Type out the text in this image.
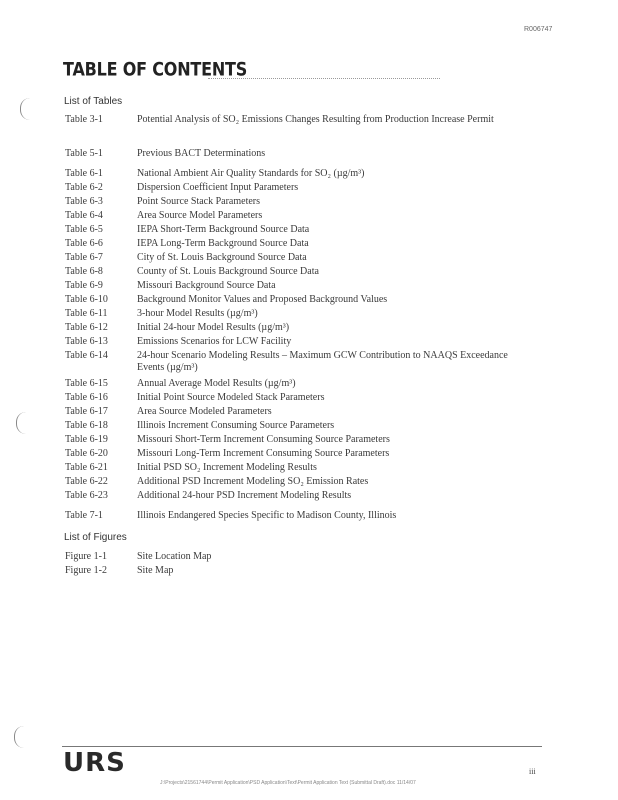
R006747
TABLE OF CONTENTS
List of Tables
Table 3-1	Potential Analysis of SO₂ Emissions Changes Resulting from Production Increase Permit
Table 5-1	Previous BACT Determinations
Table 6-1	National Ambient Air Quality Standards for SO₂ (µg/m³)
Table 6-2	Dispersion Coefficient Input Parameters
Table 6-3	Point Source Stack Parameters
Table 6-4	Area Source Model Parameters
Table 6-5	IEPA Short-Term Background Source Data
Table 6-6	IEPA Long-Term Background Source Data
Table 6-7	City of St. Louis Background Source Data
Table 6-8	County of St. Louis Background Source Data
Table 6-9	Missouri Background Source Data
Table 6-10	Background Monitor Values and Proposed Background Values
Table 6-11	3-hour Model Results (µg/m³)
Table 6-12	Initial 24-hour Model Results (µg/m³)
Table 6-13	Emissions Scenarios for LCW Facility
Table 6-14	24-hour Scenario Modeling Results – Maximum GCW Contribution to NAAQS Exceedance Events (µg/m³)
Table 6-15	Annual Average Model Results (µg/m³)
Table 6-16	Initial Point Source Modeled Stack Parameters
Table 6-17	Area Source Modeled Parameters
Table 6-18	Illinois Increment Consuming Source Parameters
Table 6-19	Missouri Short-Term Increment Consuming Source Parameters
Table 6-20	Missouri Long-Term Increment Consuming Source Parameters
Table 6-21	Initial PSD SO₂ Increment Modeling Results
Table 6-22	Additional PSD Increment Modeling SO₂ Emission Rates
Table 6-23	Additional 24-hour PSD Increment Modeling Results
Table 7-1	Illinois Endangered Species Specific to Madison County, Illinois
List of Figures
Figure 1-1	Site Location Map
Figure 1-2	Site Map
URS
J:\Projects\21561744\Permit Application\PSD Application\Text\Permit Application Text (Submittal Draft).doc 11/14/07
iii
